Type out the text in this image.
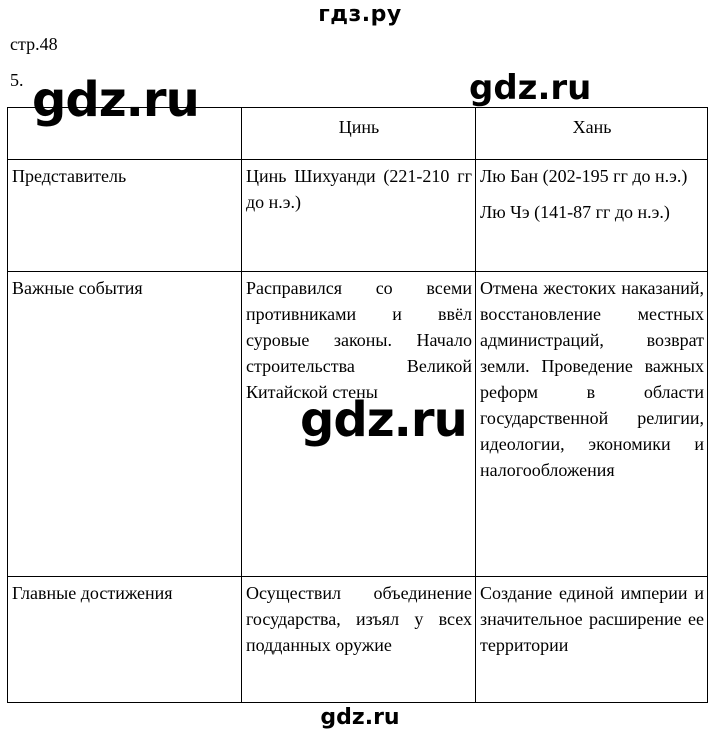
гдз.ру
стр.48
5.
	Цинь	Хань
Представитель	Цинь Шихуанди (221-210 гг до н.э.)	Лю Бан (202-195 гг до н.э.)

Лю Чэ (141-87 гг до н.э.)

Важные события	Расправился со всеми противниками и ввёл суровые законы. Начало строительства Великой Китайской стены	Отмена жестоких наказаний, восстановление местных администраций, возврат земли. Проведение важных реформ в области государственной религии, идеологии, экономики и налогообложения

Главные достижения	Осуществил объединение государства, изъял у всех подданных оружие	Создание единой империи и значительное расширение ее территории

gdz.ru	gdz.ru
gdz.ru
gdz.ru
